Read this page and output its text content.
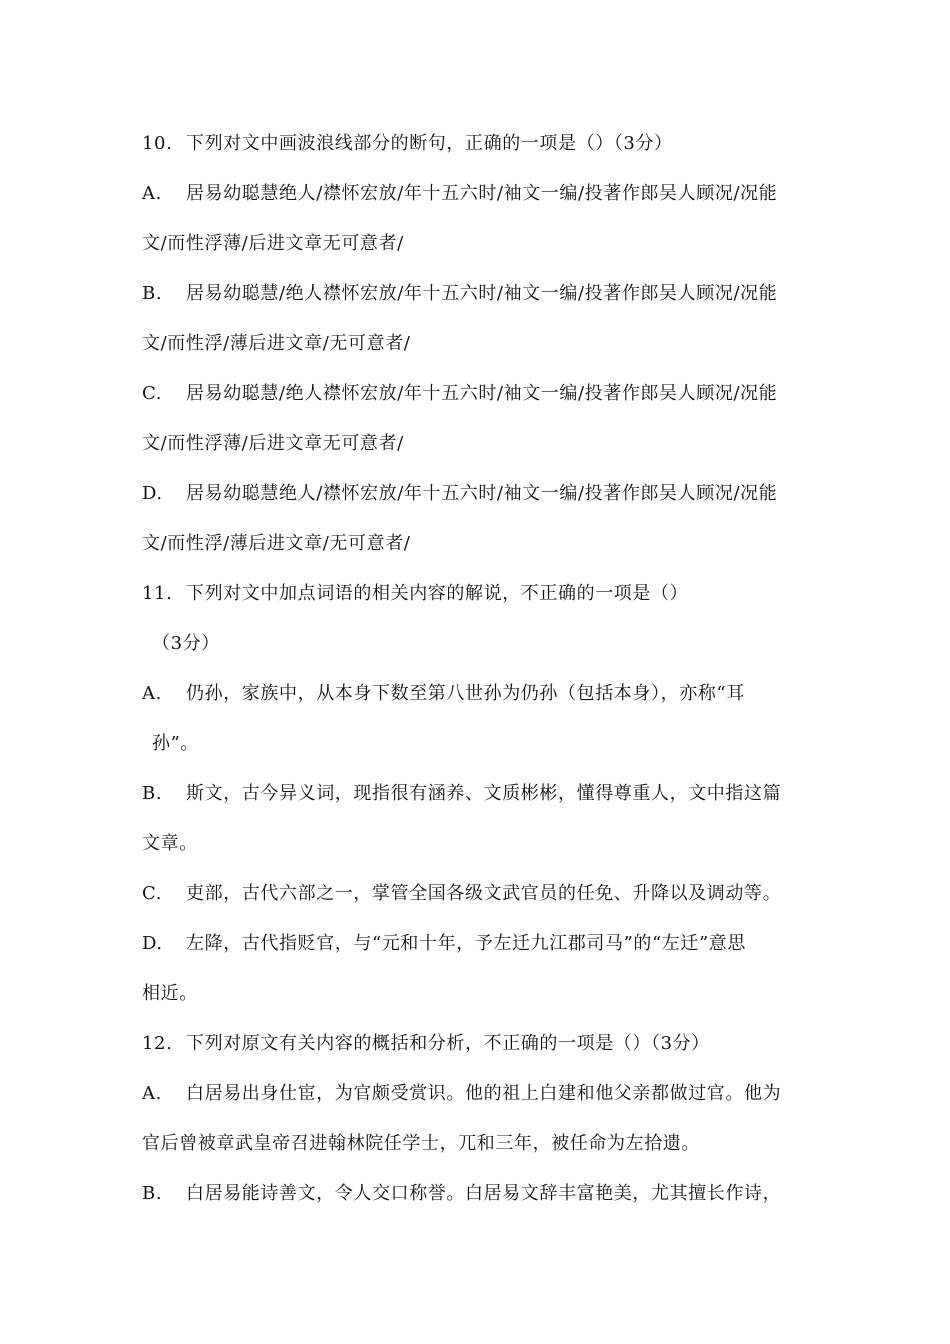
10. 下列对文中画波浪线部分的断句，正确的一项是（）（3分）
A. 居易幼聪慧绝人/襟怀宏放/年十五六时/袖文一编/投著作郎吴人顾况/况能
文/而性浮薄/后进文章无可意者/
B. 居易幼聪慧/绝人襟怀宏放/年十五六时/袖文一编/投著作郎吴人顾况/况能
文/而性浮/薄后进文章/无可意者/
C. 居易幼聪慧/绝人襟怀宏放/年十五六时/袖文一编/投著作郎吴人顾况/况能
文/而性浮薄/后进文章无可意者/
D. 居易幼聪慧绝人/襟怀宏放/年十五六时/袖文一编/投著作郎吴人顾况/况能
文/而性浮/薄后进文章/无可意者/
11. 下列对文中加点词语的相关内容的解说，不正确的一项是（）
（3分）
A. 仍孙，家族中，从本身下数至第八世孙为仍孙（包括本身），亦称“耳
孙”。
B. 斯文，古今异义词，现指很有涵养、文质彬彬，懂得尊重人，文中指这篇
文章。
C. 吏部，古代六部之一，掌管全国各级文武官员的任免、升降以及调动等。
D. 左降，古代指贬官，与“元和十年，予左迁九江郡司马”的“左迁”意思
相近。
12. 下列对原文有关内容的概括和分析，不正确的一项是（）（3分）
A. 白居易出身仕宦，为官颇受赏识。他的祖上白建和他父亲都做过官。他为
官后曾被章武皇帝召进翰林院任学士，兀和三年，被任命为左拾遗。
B. 白居易能诗善文，令人交口称誉。白居易文辞丰富艳美，尤其擅长作诗，
